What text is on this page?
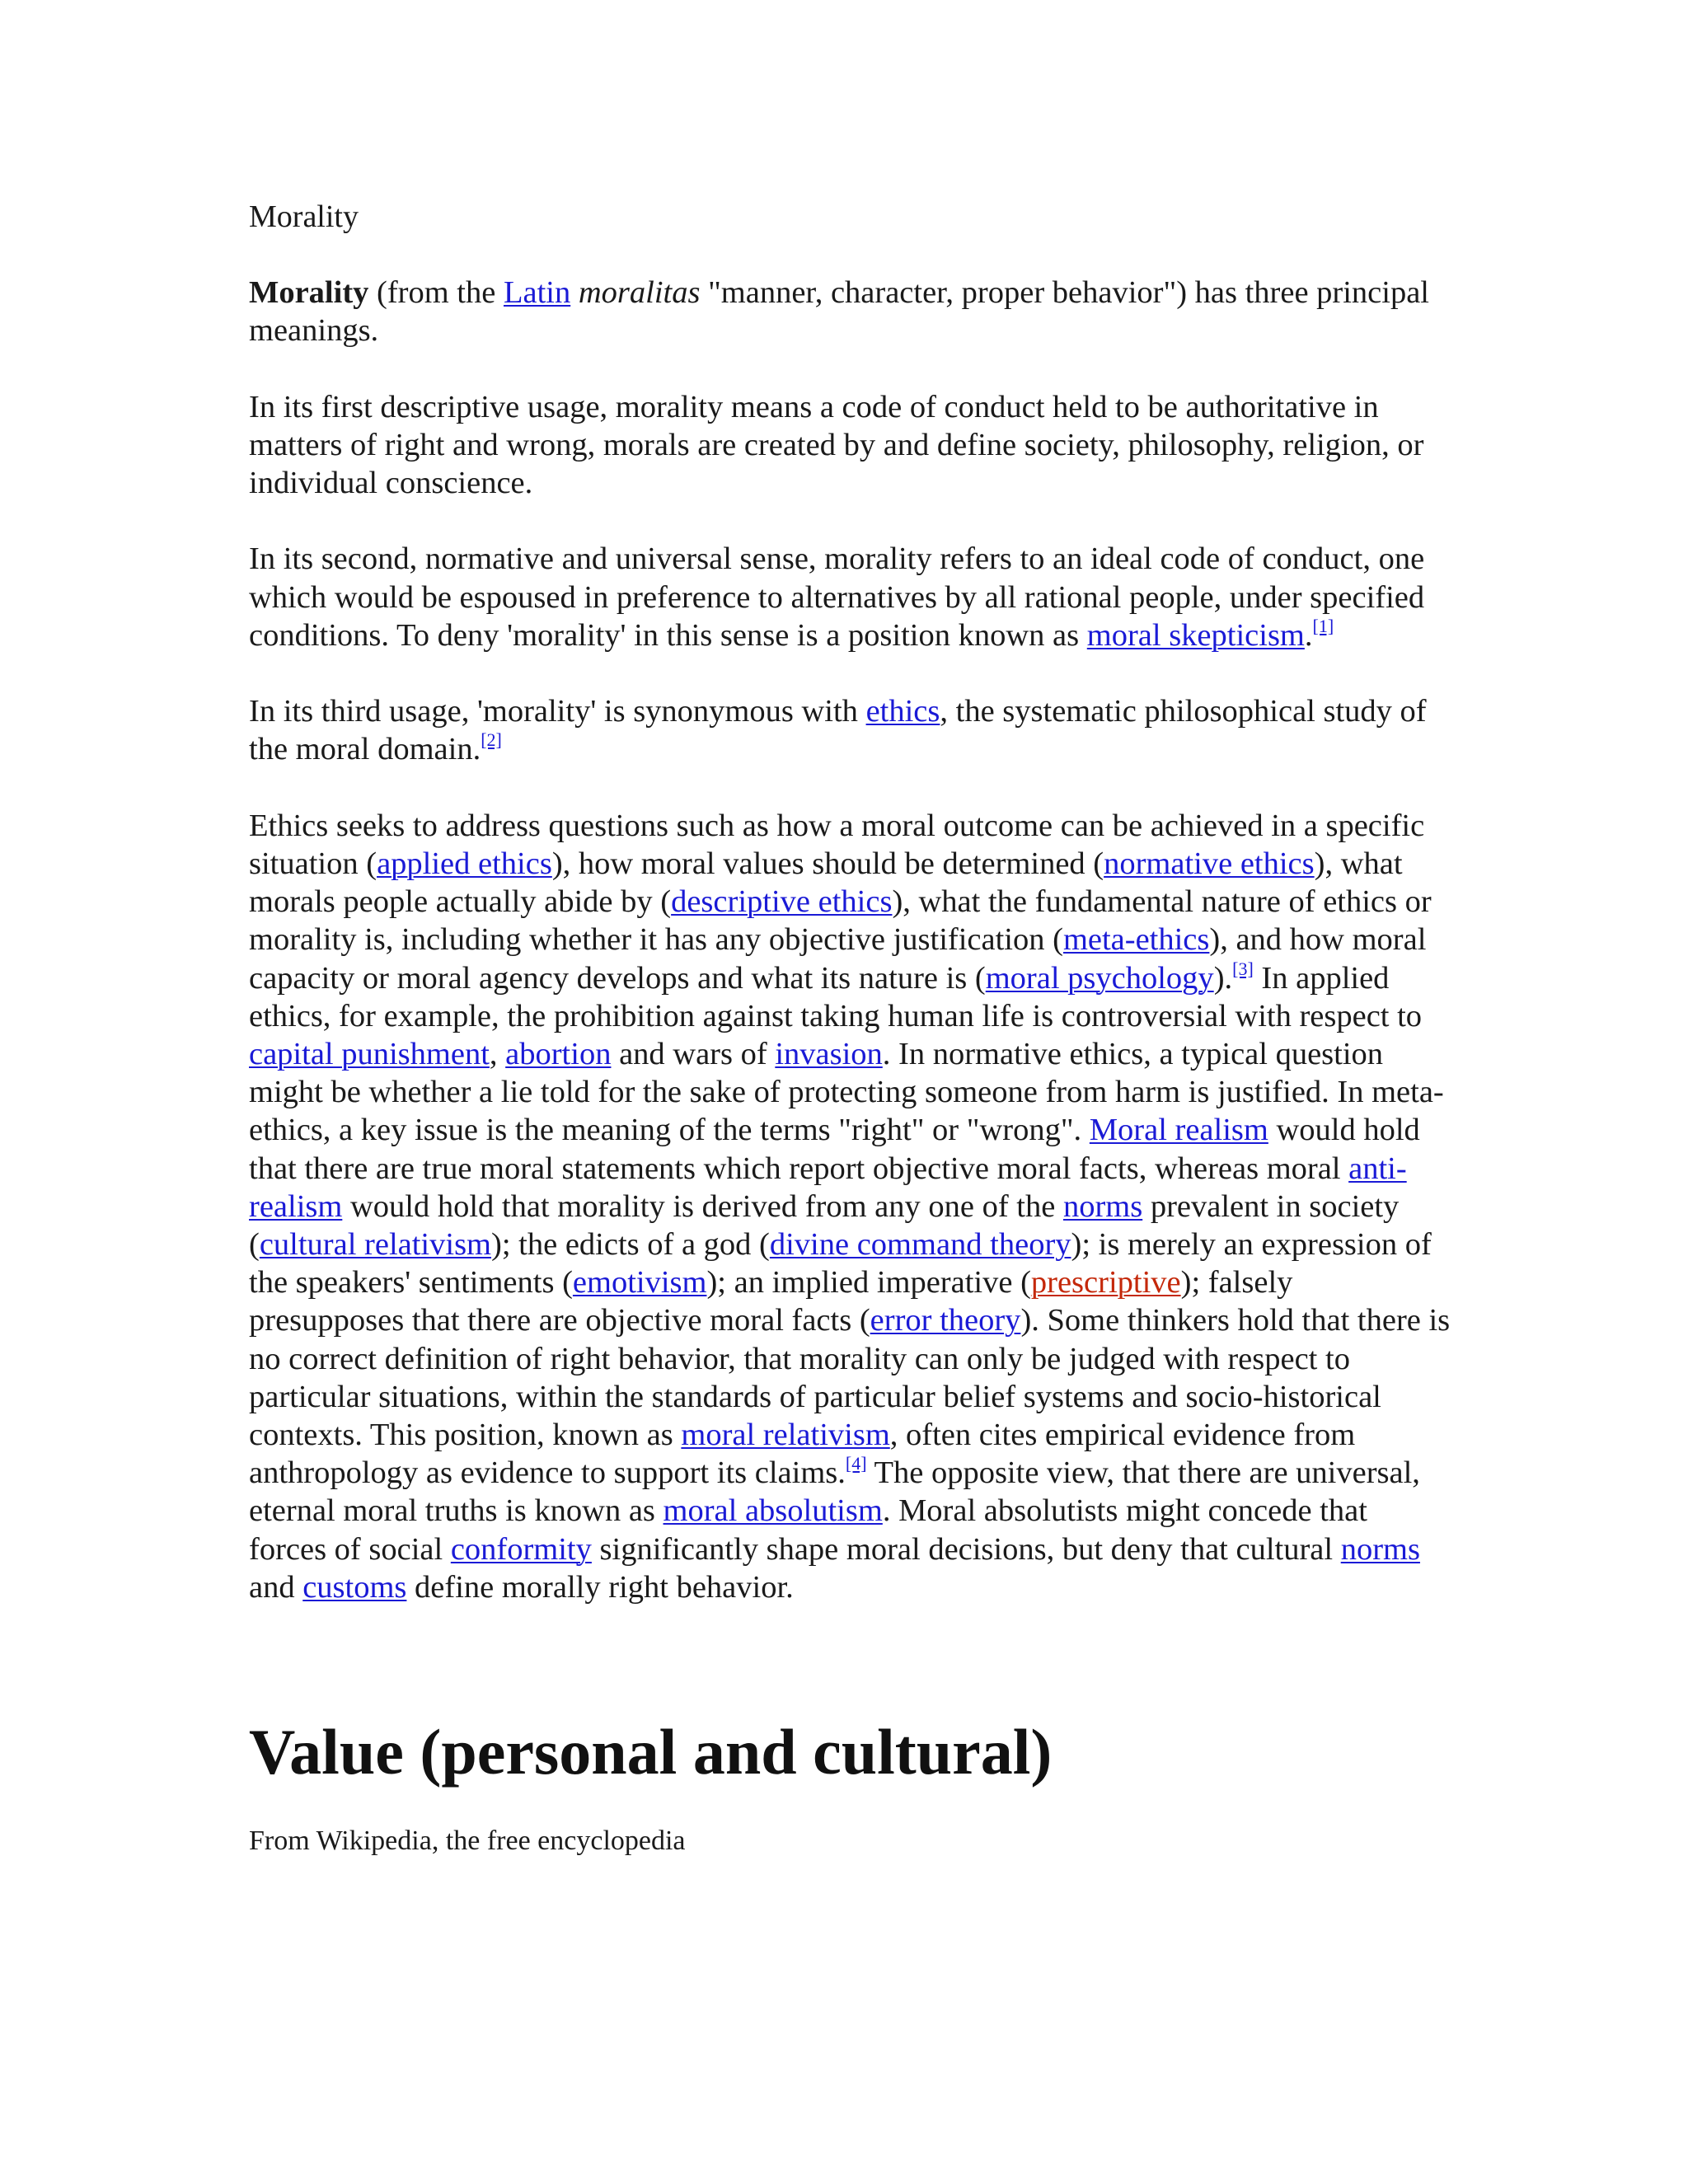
Morality

Morality (from the Latin moralitas "manner, character, proper behavior") has three principal meanings.

In its first descriptive usage, morality means a code of conduct held to be authoritative in matters of right and wrong, morals are created by and define society, philosophy, religion, or individual conscience.

In its second, normative and universal sense, morality refers to an ideal code of conduct, one which would be espoused in preference to alternatives by all rational people, under specified conditions. To deny 'morality' in this sense is a position known as moral skepticism.[1]

In its third usage, 'morality' is synonymous with ethics, the systematic philosophical study of the moral domain.[2]

Ethics seeks to address questions such as how a moral outcome can be achieved in a specific situation (applied ethics), how moral values should be determined (normative ethics), what morals people actually abide by (descriptive ethics), what the fundamental nature of ethics or morality is, including whether it has any objective justification (meta-ethics), and how moral capacity or moral agency develops and what its nature is (moral psychology).[3] In applied ethics, for example, the prohibition against taking human life is controversial with respect to capital punishment, abortion and wars of invasion. In normative ethics, a typical question might be whether a lie told for the sake of protecting someone from harm is justified. In meta-ethics, a key issue is the meaning of the terms "right" or "wrong". Moral realism would hold that there are true moral statements which report objective moral facts, whereas moral anti-realism would hold that morality is derived from any one of the norms prevalent in society (cultural relativism); the edicts of a god (divine command theory); is merely an expression of the speakers' sentiments (emotivism); an implied imperative (prescriptive); falsely presupposes that there are objective moral facts (error theory). Some thinkers hold that there is no correct definition of right behavior, that morality can only be judged with respect to particular situations, within the standards of particular belief systems and socio-historical contexts. This position, known as moral relativism, often cites empirical evidence from anthropology as evidence to support its claims.[4] The opposite view, that there are universal, eternal moral truths is known as moral absolutism. Moral absolutists might concede that forces of social conformity significantly shape moral decisions, but deny that cultural norms and customs define morally right behavior.

Value (personal and cultural)
From Wikipedia, the free encyclopedia
